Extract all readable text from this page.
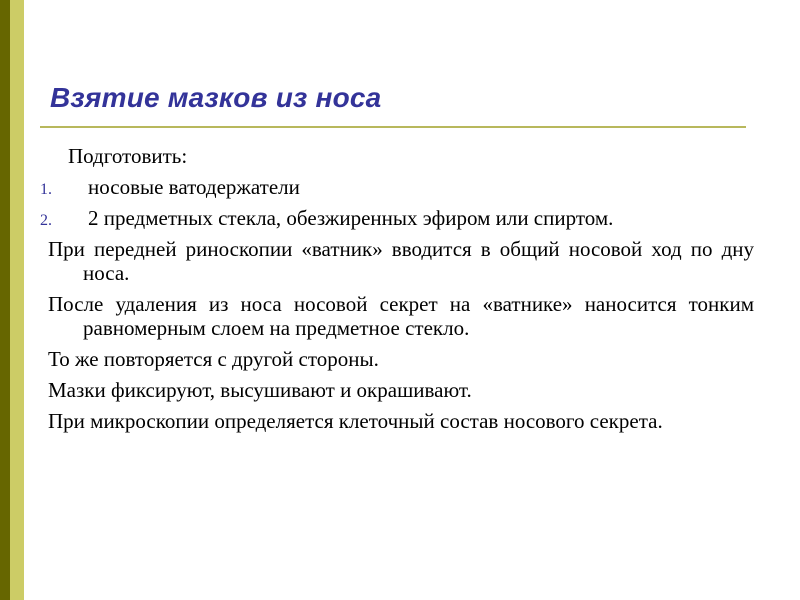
Взятие мазков из носа
Подготовить:
1. носовые ватодержатели
2. 2 предметных стекла, обезжиренных эфиром или спиртом.
При передней риноскопии «ватник» вводится в общий носовой ход по дну носа.
После удаления из носа носовой секрет на «ватнике» наносится тонким равномерным слоем на предметное стекло.
То же повторяется с другой стороны.
Мазки фиксируют, высушивают и окрашивают.
При микроскопии определяется клеточный состав носового секрета.
